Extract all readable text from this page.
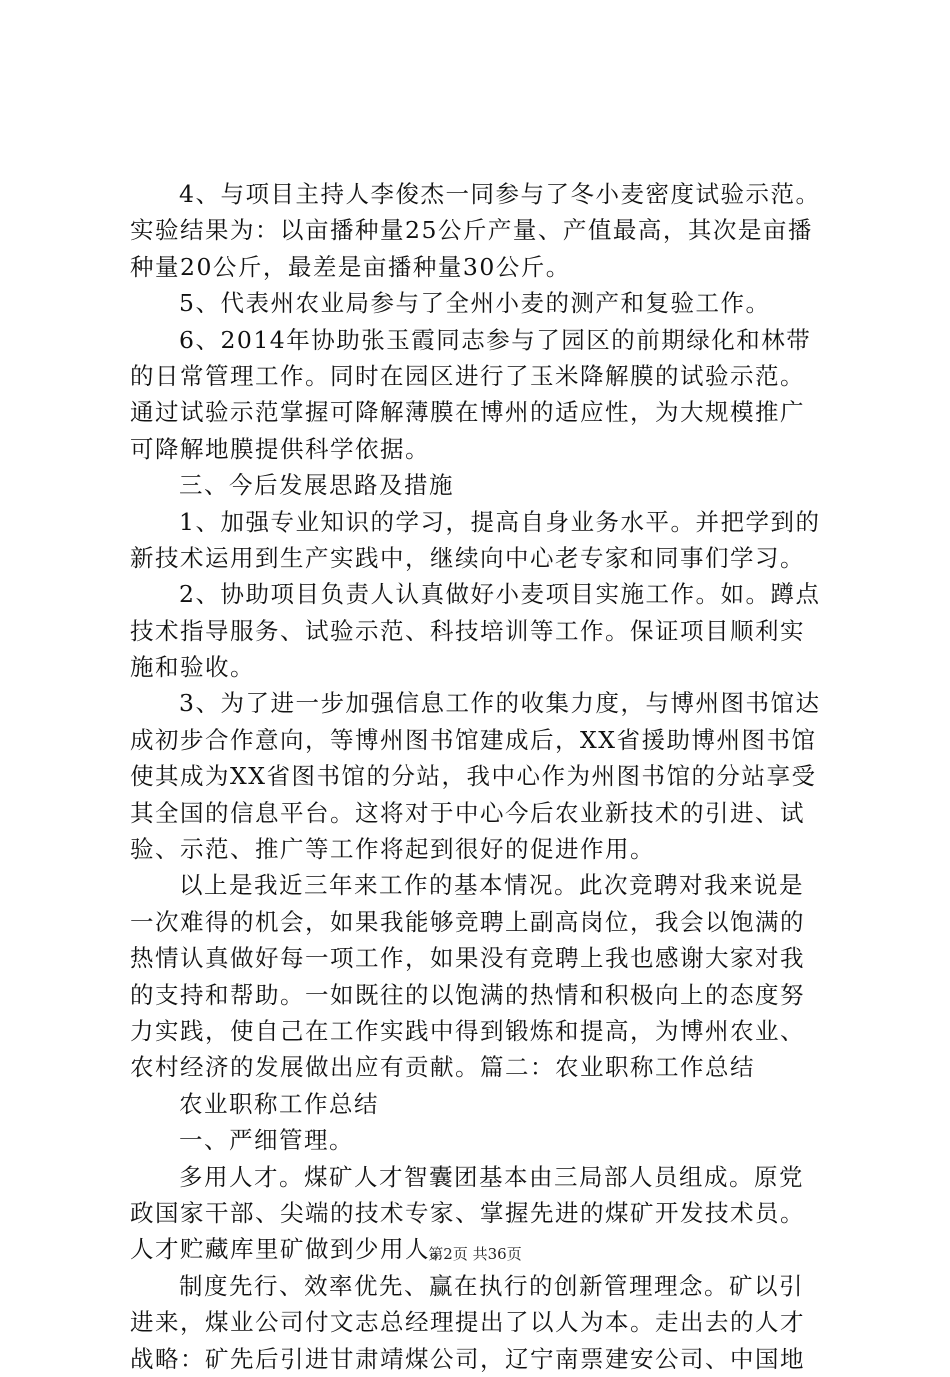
4、与项目主持人李俊杰一同参与了冬小麦密度试验示范。
实验结果为：以亩播种量25公斤产量、产值最高，其次是亩播
种量20公斤，最差是亩播种量30公斤。
5、代表州农业局参与了全州小麦的测产和复验工作。
6、2014年协助张玉霞同志参与了园区的前期绿化和林带
的日常管理工作。同时在园区进行了玉米降解膜的试验示范。
通过试验示范掌握可降解薄膜在博州的适应性，为大规模推广
可降解地膜提供科学依据。
三、今后发展思路及措施
1、加强专业知识的学习，提高自身业务水平。并把学到的
新技术运用到生产实践中，继续向中心老专家和同事们学习。
2、协助项目负责人认真做好小麦项目实施工作。如。蹲点
技术指导服务、试验示范、科技培训等工作。保证项目顺利实
施和验收。
3、为了进一步加强信息工作的收集力度，与博州图书馆达
成初步合作意向，等博州图书馆建成后，XX省援助博州图书馆
使其成为XX省图书馆的分站，我中心作为州图书馆的分站享受
其全国的信息平台。这将对于中心今后农业新技术的引进、试
验、示范、推广等工作将起到很好的促进作用。
以上是我近三年来工作的基本情况。此次竞聘对我来说是
一次难得的机会，如果我能够竞聘上副高岗位，我会以饱满的
热情认真做好每一项工作，如果没有竞聘上我也感谢大家对我
的支持和帮助。一如既往的以饱满的热情和积极向上的态度努
力实践，使自己在工作实践中得到锻炼和提高，为博州农业、
农村经济的发展做出应有贡献。篇二：农业职称工作总结
农业职称工作总结
一、严细管理。
多用人才。煤矿人才智囊团基本由三局部人员组成。原党
政国家干部、尖端的技术专家、掌握先进的煤矿开发技术员。
人才贮藏库里矿做到少用人。
制度先行、效率优先、赢在执行的创新管理理念。矿以引
进来，煤业公司付文志总经理提出了以人为本。走出去的人才
战略：矿先后引进甘肃靖煤公司，辽宁南票建安公司、中国地
第2页 共36页
